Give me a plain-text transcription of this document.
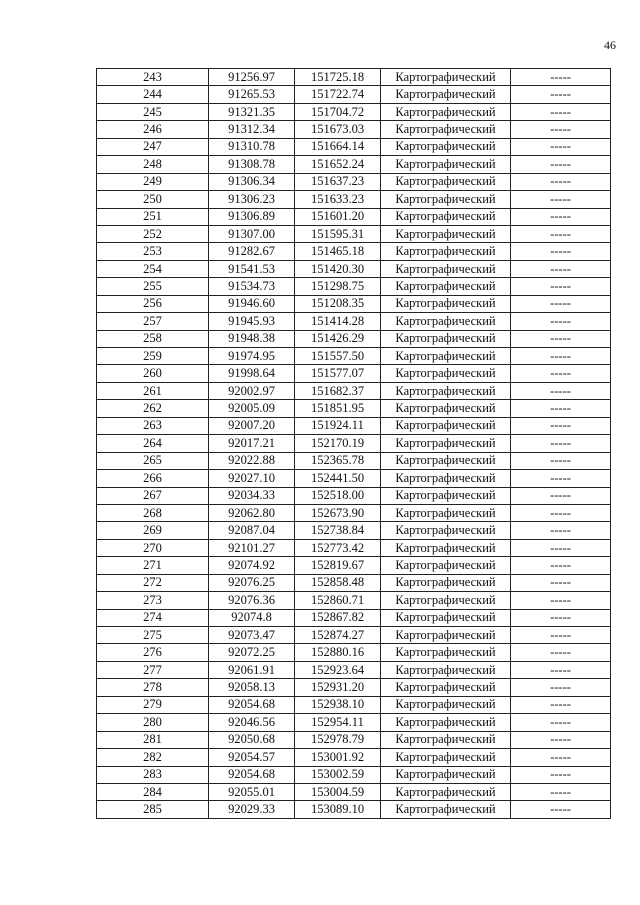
46
243	91256.97	151725.18	Картографический	-----
244	91265.53	151722.74	Картографический	-----
245	91321.35	151704.72	Картографический	-----
246	91312.34	151673.03	Картографический	-----
247	91310.78	151664.14	Картографический	-----
248	91308.78	151652.24	Картографический	-----
249	91306.34	151637.23	Картографический	-----
250	91306.23	151633.23	Картографический	-----
251	91306.89	151601.20	Картографический	-----
252	91307.00	151595.31	Картографический	-----
253	91282.67	151465.18	Картографический	-----
254	91541.53	151420.30	Картографический	-----
255	91534.73	151298.75	Картографический	-----
256	91946.60	151208.35	Картографический	-----
257	91945.93	151414.28	Картографический	-----
258	91948.38	151426.29	Картографический	-----
259	91974.95	151557.50	Картографический	-----
260	91998.64	151577.07	Картографический	-----
261	92002.97	151682.37	Картографический	-----
262	92005.09	151851.95	Картографический	-----
263	92007.20	151924.11	Картографический	-----
264	92017.21	152170.19	Картографический	-----
265	92022.88	152365.78	Картографический	-----
266	92027.10	152441.50	Картографический	-----
267	92034.33	152518.00	Картографический	-----
268	92062.80	152673.90	Картографический	-----
269	92087.04	152738.84	Картографический	-----
270	92101.27	152773.42	Картографический	-----
271	92074.92	152819.67	Картографический	-----
272	92076.25	152858.48	Картографический	-----
273	92076.36	152860.71	Картографический	-----
274	92074.8	152867.82	Картографический	-----
275	92073.47	152874.27	Картографический	-----
276	92072.25	152880.16	Картографический	-----
277	92061.91	152923.64	Картографический	-----
278	92058.13	152931.20	Картографический	-----
279	92054.68	152938.10	Картографический	-----
280	92046.56	152954.11	Картографический	-----
281	92050.68	152978.79	Картографический	-----
282	92054.57	153001.92	Картографический	-----
283	92054.68	153002.59	Картографический	-----
284	92055.01	153004.59	Картографический	-----
285	92029.33	153089.10	Картографический	-----
